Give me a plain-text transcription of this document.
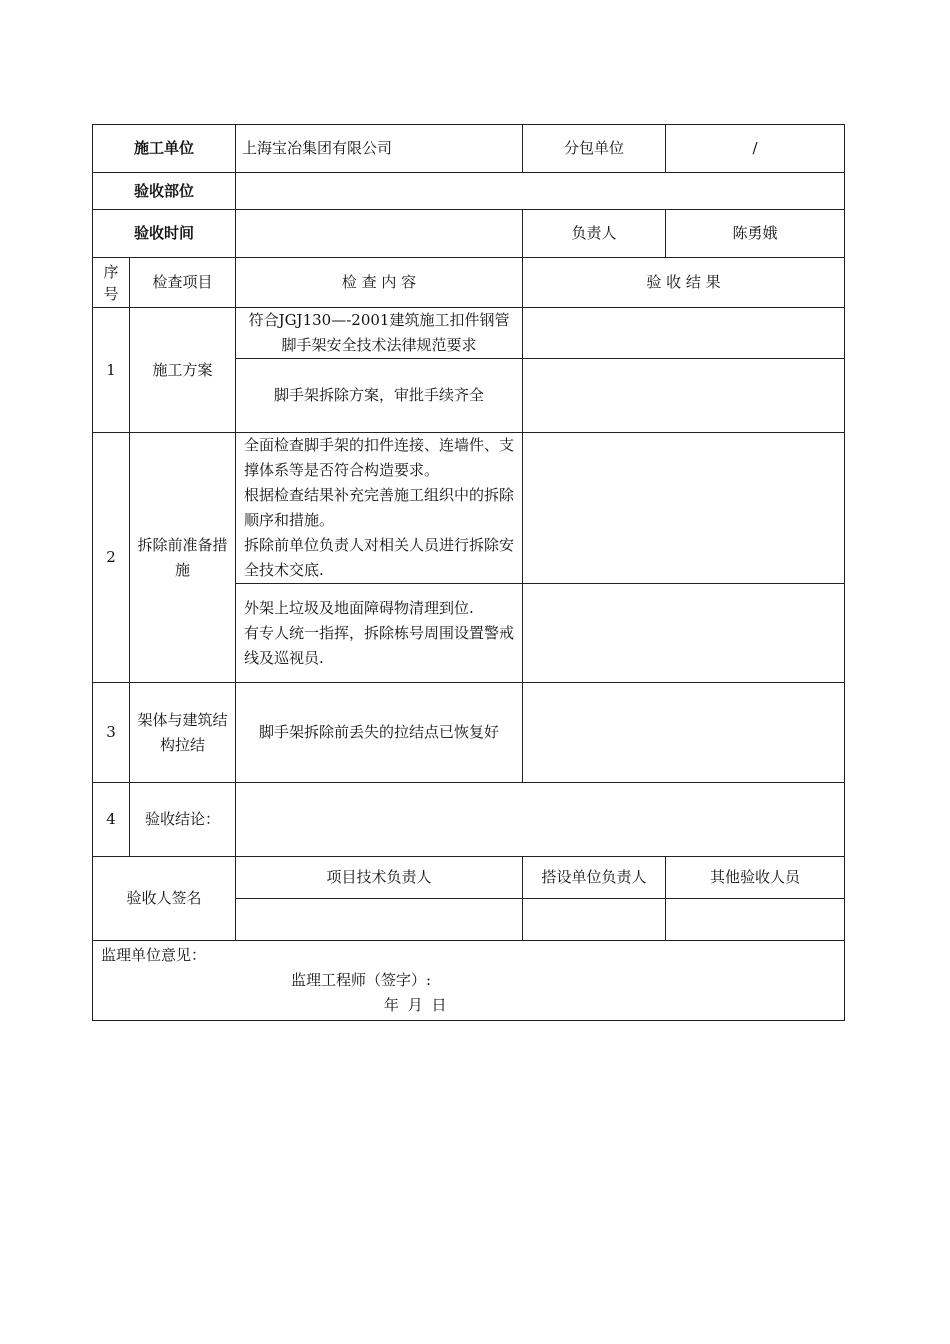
施工单位		上海宝冶集团有限公司	分包单位	/
验收部位				
验收时间			负责人	陈勇娥
序
号	检查项目	检 查 内 容	验 收 结 果	
1	施工方案	符合JGJ130—-2001建筑施工扣件钢管脚手架安全技术法律规范要求		
		脚手架拆除方案，审批手续齐全		
2	拆除前准备措施	全面检查脚手架的扣件连接、连墙件、支撑体系等是否符合构造要求。
根据检查结果补充完善施工组织中的拆除顺序和措施。
拆除前单位负责人对相关人员进行拆除安全技术交底.		
		外架上垃圾及地面障碍物清理到位.
有专人统一指挥，拆除栋号周围设置警戒线及巡视员.		
3	架体与建筑结构拉结	脚手架拆除前丢失的拉结点已恢复好		
4	验收结论：			
验收人签名		项目技术负责人	搭设单位负责人	其他验收人员

监理单位意见：
监理工程师（签字）:
年 月 日				
